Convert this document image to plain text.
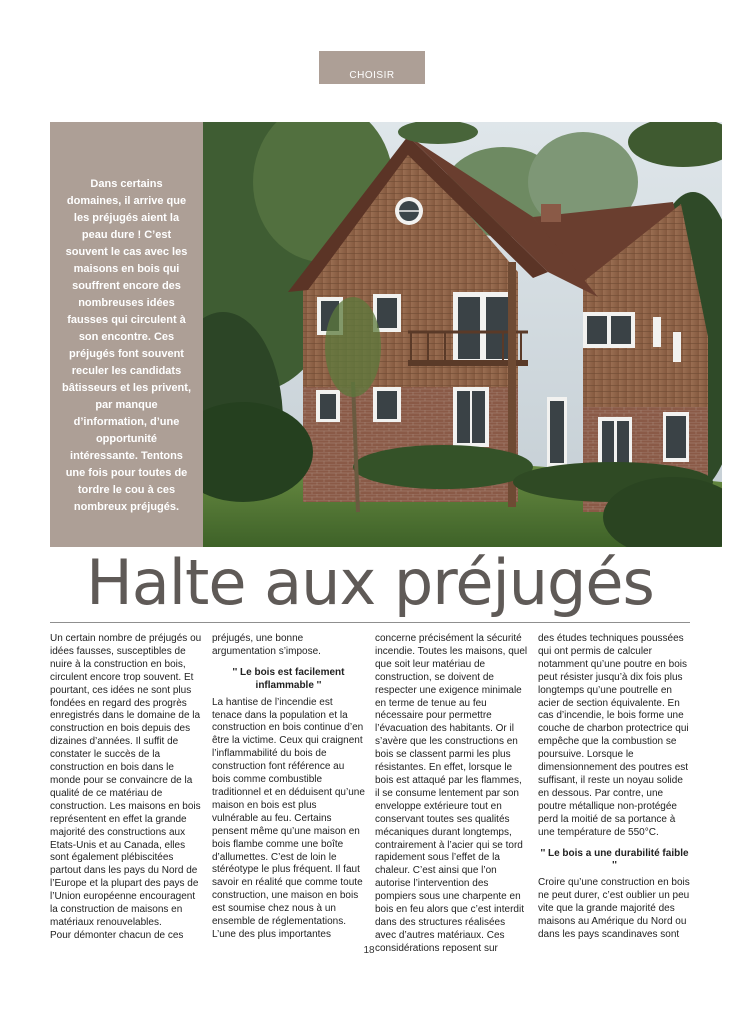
CHOISIR
Dans certains domaines, il arrive que les préjugés aient la peau dure ! C’est souvent le cas avec les maisons en bois qui souffrent encore des nombreuses idées fausses qui circulent à son encontre. Ces préjugés font souvent reculer les candidats bâtisseurs et les privent, par manque d’information, d’une opportunité intéressante. Tentons une fois pour toutes de tordre le cou à ces nombreux préjugés.
Halte aux préjugés

Un certain nombre de préjugés ou idées fausses, susceptibles de nuire à la construction en bois, circulent encore trop souvent. Et pourtant, ces idées ne sont plus fondées en regard des progrès enregistrés dans le domaine de la construction en bois depuis des dizaines d’années. Il suffit de constater le succès de la construction en bois dans le monde pour se convaincre de la qualité de ce matériau de construction. Les maisons en bois représentent en effet la grande majorité des constructions aux Etats-Unis et au Canada, elles sont également plébiscitées partout dans les pays du Nord de l’Europe et la plupart des pays de l’Union européenne encouragent la construction de maisons en matériaux renouvelables.

Pour démonter chacun de ces

préjugés, une bonne argumentation s’impose.

'' Le bois est facilement inflammable ''

La hantise de l’incendie est tenace dans la population et la construction en bois continue d’en être la victime. Ceux qui craignent l’inflammabilité du bois de construction font référence au bois comme combustible traditionnel et en déduisent qu’une maison en bois est plus vulnérable au feu. Certains pensent même qu’une maison en bois flambe comme une boîte d’allumettes. C’est de loin le stéréotype le plus fréquent. Il faut savoir en réalité que comme toute construction, une maison en bois est soumise chez nous à un ensemble de réglementations. L’une des plus importantes

concerne précisément la sécurité incendie. Toutes les maisons, quel que soit leur matériau de construction, se doivent de respecter une exigence minimale en terme de tenue au feu nécessaire pour permettre l’évacuation des habitants. Or il s’avère que les constructions en bois se classent parmi les plus résistantes. En effet, lorsque le bois est attaqué par les flammes, il se consume lentement par son enveloppe extérieure tout en conservant toutes ses qualités mécaniques durant longtemps, contrairement à l’acier qui se tord rapidement sous l’effet de la chaleur. C’est ainsi que l’on autorise l’intervention des pompiers sous une charpente en bois en feu alors que c’est interdit dans des structures réalisées avec d’autres matériaux. Ces considérations reposent sur

des études techniques poussées qui ont permis de calculer notamment qu’une poutre en bois peut résister jusqu’à dix fois plus longtemps qu’une poutrelle en acier de section équivalente. En cas d’incendie, le bois forme une couche de charbon protectrice qui empêche que la combustion se poursuive. Lorsque le dimensionnement des poutres est suffisant, il reste un noyau solide en dessous. Par contre, une poutre métallique non-protégée perd la moitié de sa portance à une température de 550°C.

'' Le bois a une durabilité faible ''

Croire qu’une construction en bois ne peut durer, c’est oublier un peu vite que la grande majorité des maisons au Amérique du Nord ou dans les pays scandinaves sont

18
